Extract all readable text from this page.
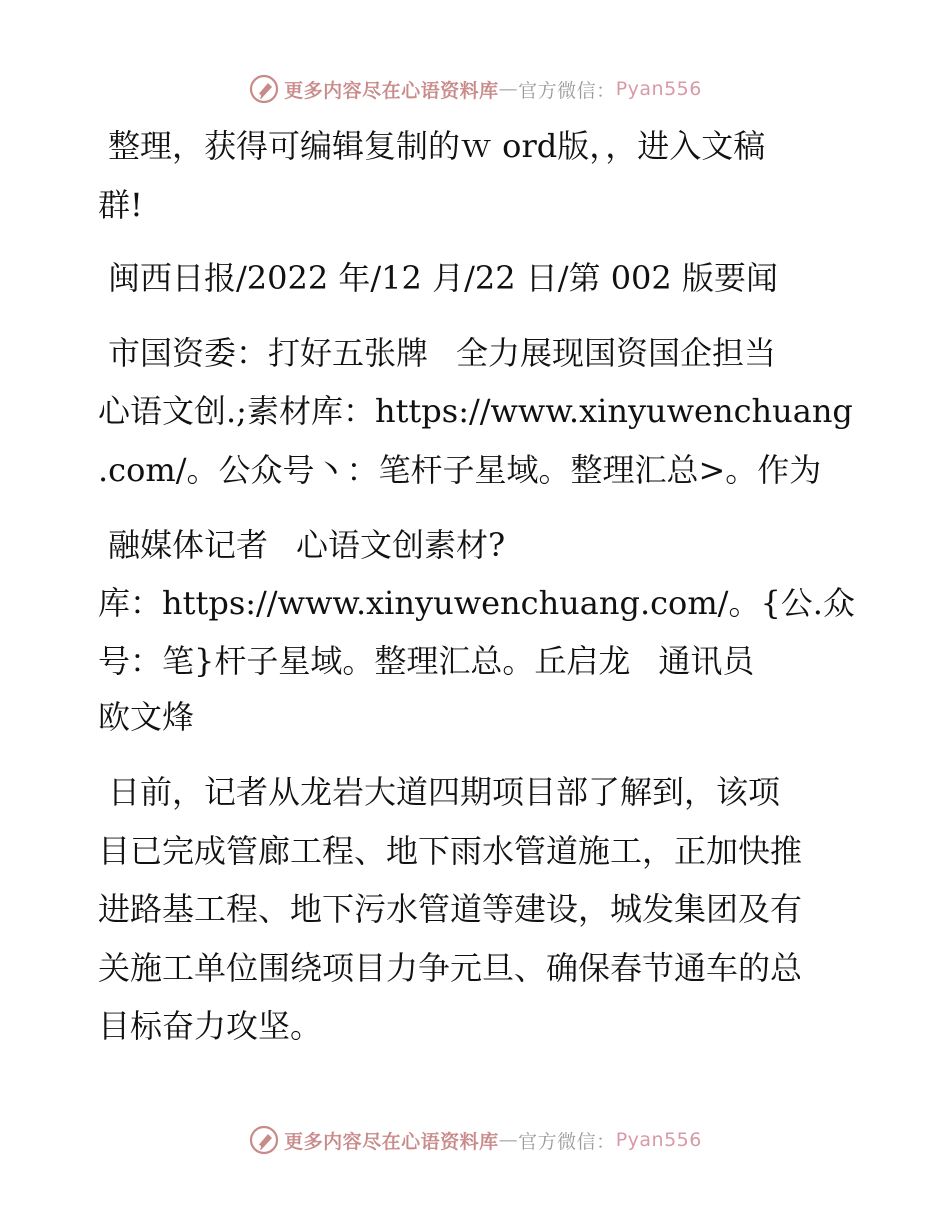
更多内容尽在心语资料库 — 官方微信： Pyan556
整理，获得可编辑复制的ｗ ord版，，进入文稿
群!
闽西日报/2022 年/12 月/22 日/第 002 版要闻
市国资委：打好五张牌 全力展现国资国企担当
心语文创.;素材库：https://www.xinyuwenchuang
.com/。公众号丶：笔杆子星域。整理汇总>。作为
融媒体记者 心语文创素材?
库：https://www.xinyuwenchuang.com/。{公.众
号：笔}杆子星域。整理汇总。丘启龙 通讯员
欧文烽
日前，记者从龙岩大道四期项目部了解到，该项
目已完成管廊工程、地下雨水管道施工，正加快推
进路基工程、地下污水管道等建设，城发集团及有
关施工单位围绕项目力争元旦、确保春节通车的总
目标奋力攻坚。
更多内容尽在心语资料库 — 官方微信： Pyan556
